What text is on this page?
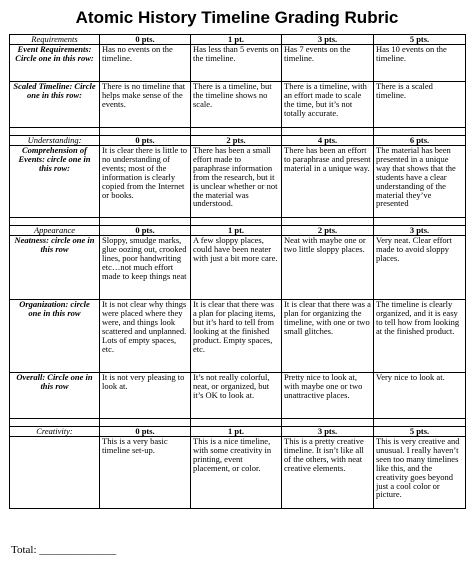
Atomic History Timeline Grading Rubric
Requirements	0 pts.	1 pt.	3 pts.	5 pts.
Event Requirements: Circle one in this row:	Has no events on the timeline.	Has less than 5 events on the timeline.	Has 7 events on the timeline.	Has 10 events on the timeline.
Scaled Timeline: Circle one in this row:	There is no timeline that helps make sense of the events.	There is a timeline, but the timeline shows no scale.	There is a timeline, with an effort made to scale the time, but it’s not totally accurate.	There is a scaled timeline.

Understanding:	0 pts.	2 pts.	4 pts.	6 pts.
Comprehension of Events: circle one in this row:	It is clear there is little to no understanding of events; most of the information is clearly copied from the Internet or books.	There has been a small effort made to paraphrase information from the research, but it is unclear whether or not the material was understood.	There has been an effort to paraphrase and present material in a unique way.	The material has been presented in a unique way that shows that the students have a clear understanding of the material they’ve presented

Appearance	0 pts.	1 pt.	2 pts.	3 pts.
Neatness: circle one in this row	Sloppy, smudge marks, glue oozing out, crooked lines, poor handwriting etc…not much effort made to keep things neat	A few sloppy places, could have been neater with just a bit more care.	Neat with maybe one or two little sloppy places.	Very neat. Clear effort made to avoid sloppy places.
Organization: circle one in this row	It is not clear why things were placed where they were, and things look scattered and unplanned. Lots of empty spaces, etc.	It is clear that there was a plan for placing items, but it’s hard to tell from looking at the finished product. Empty spaces, etc.	It is clear that there was a plan for organizing the timeline, with one or two small glitches.	The timeline is clearly organized, and it is easy to tell how from looking at the finished product.
Overall: Circle one in this row	It is not very pleasing to look at.	It’s not really colorful, neat, or organized, but it’s OK to look at.	Pretty nice to look at, with maybe one or two unattractive places.	Very nice to look at.

Creativity:	0 pts.	1 pt.	3 pts.	5 pts.
	This is a very basic timeline set-up.	This is a nice timeline, with some creativity in printing, event placement, or color.	This is a pretty creative timeline. It isn’t like all of the others, with neat creative elements.	This is very creative and unusual. I really haven’t seen too many timelines like this, and the creativity goes beyond just a cool color or picture.
Total: ______________
